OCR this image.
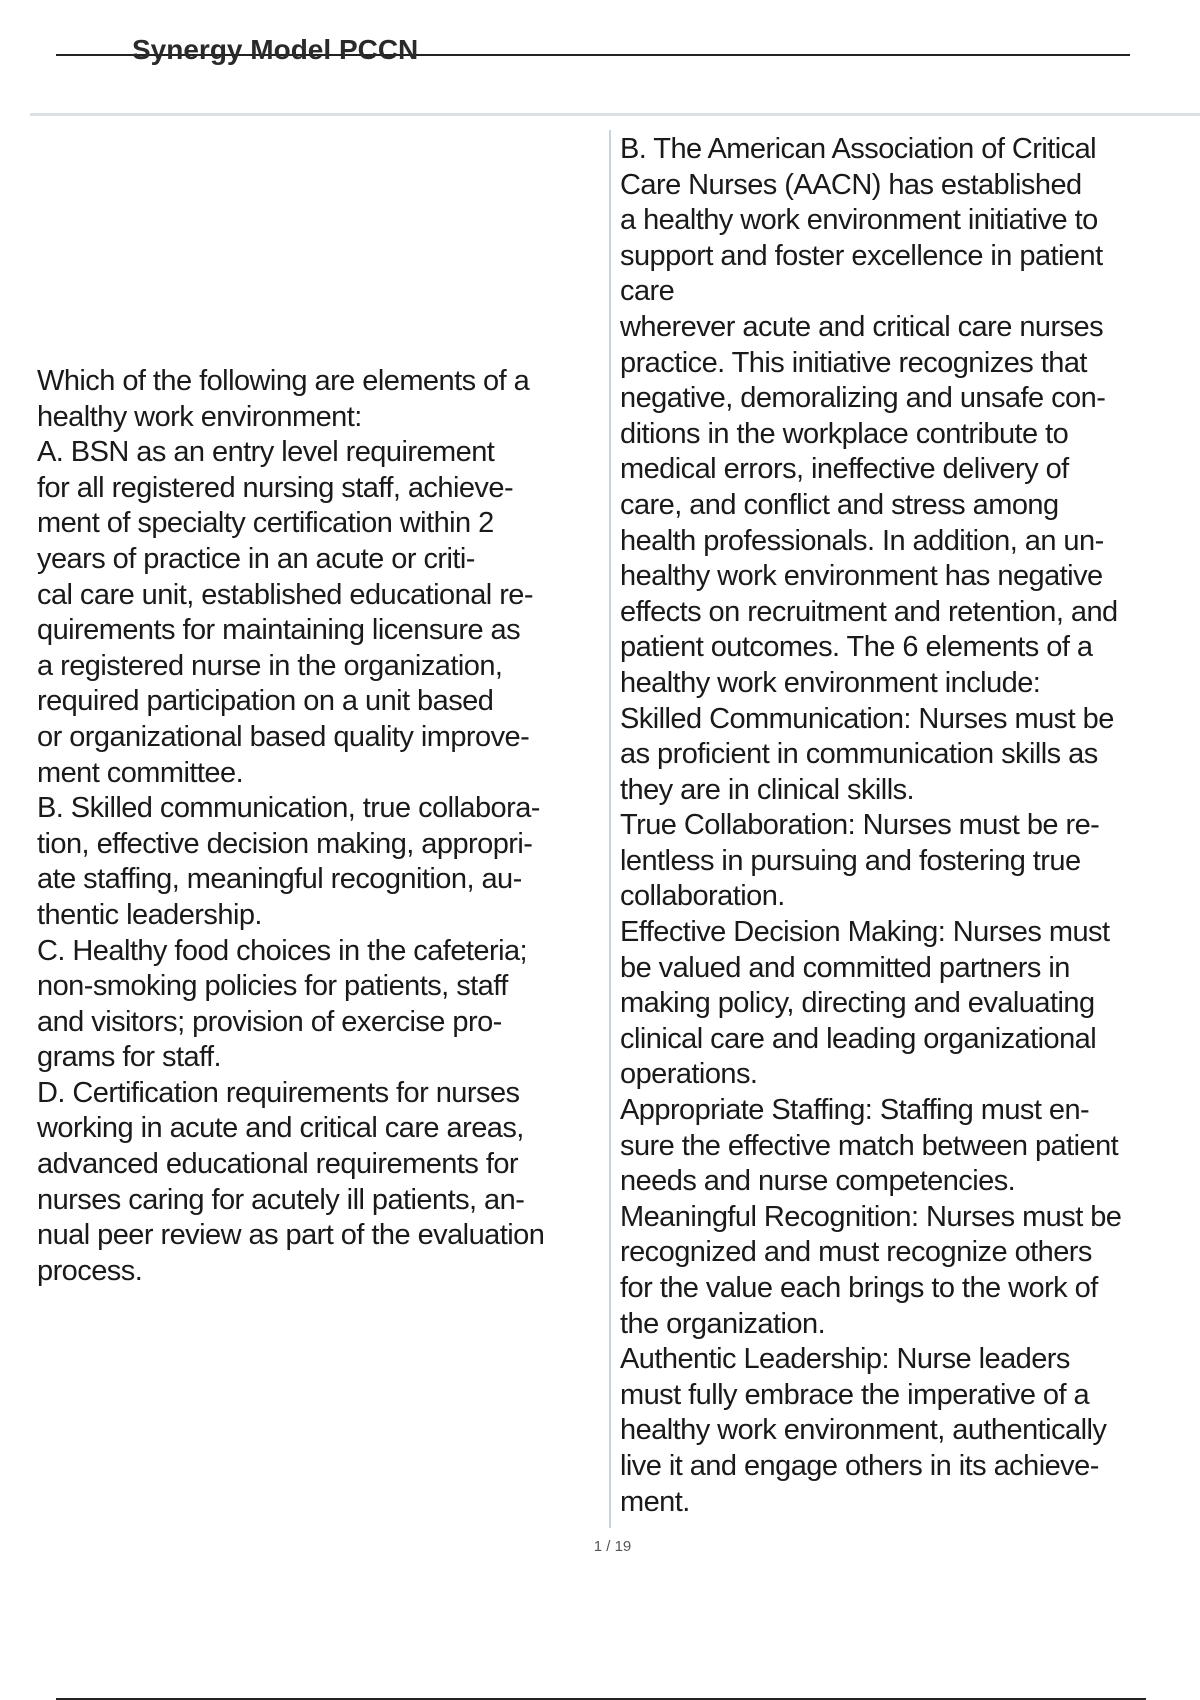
Synergy Model PCCN
Which of the following are elements of a
healthy work environment:
A. BSN as an entry level requirement
for all registered nursing staff, achieve-
ment of specialty certification within 2
years of practice in an acute or criti-
cal care unit, established educational re-
quirements for maintaining licensure as
a registered nurse in the organization,
required participation on a unit based
or organizational based quality improve-
ment committee.
B. Skilled communication, true collabora-
tion, effective decision making, appropri-
ate staffing, meaningful recognition, au-
thentic leadership.
C. Healthy food choices in the cafeteria;
non-smoking policies for patients, staff
and visitors; provision of exercise pro-
grams for staff.
D. Certification requirements for nurses
working in acute and critical care areas,
advanced educational requirements for
nurses caring for acutely ill patients, an-
nual peer review as part of the evaluation
process.
B. The American Association of Critical
Care Nurses (AACN) has established
a healthy work environment initiative to
support and foster excellence in patient
care
wherever acute and critical care nurses
practice. This initiative recognizes that
negative, demoralizing and unsafe con-
ditions in the workplace contribute to
medical errors, ineffective delivery of
care, and conflict and stress among
health professionals. In addition, an un-
healthy work environment has negative
effects on recruitment and retention, and
patient outcomes. The 6 elements of a
healthy work environment include:
Skilled Communication: Nurses must be
as proficient in communication skills as
they are in clinical skills.
True Collaboration: Nurses must be re-
lentless in pursuing and fostering true
collaboration.
Effective Decision Making: Nurses must
be valued and committed partners in
making policy, directing and evaluating
clinical care and leading organizational
operations.
Appropriate Staffing: Staffing must en-
sure the effective match between patient
needs and nurse competencies.
Meaningful Recognition: Nurses must be
recognized and must recognize others
for the value each brings to the work of
the organization.
Authentic Leadership: Nurse leaders
must fully embrace the imperative of a
healthy work environment, authentically
live it and engage others in its achieve-
ment.
1 / 19
